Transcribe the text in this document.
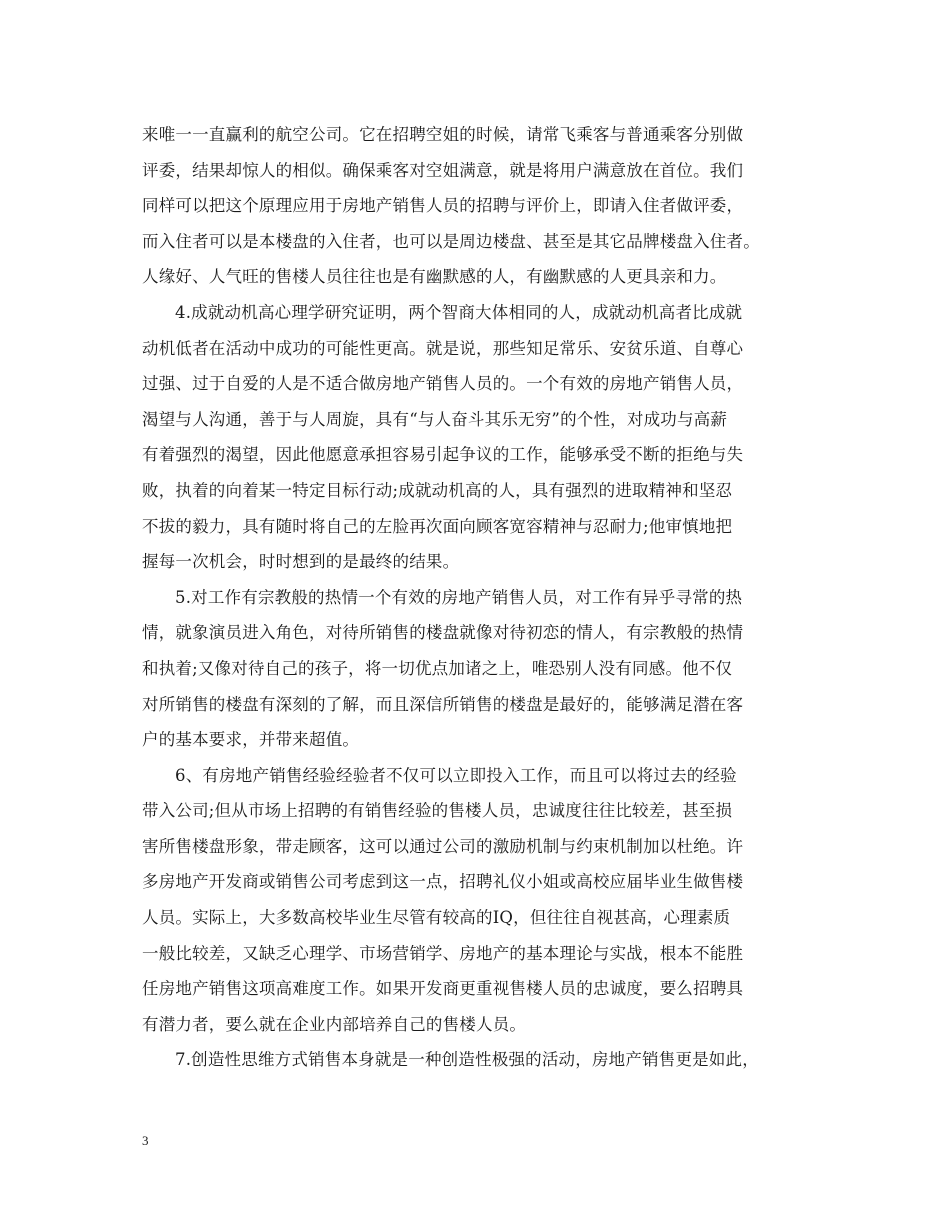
来唯一一直赢利的航空公司。它在招聘空姐的时候，请常飞乘客与普通乘客分别做
评委，结果却惊人的相似。确保乘客对空姐满意，就是将用户满意放在首位。我们
同样可以把这个原理应用于房地产销售人员的招聘与评价上，即请入住者做评委，
而入住者可以是本楼盘的入住者，也可以是周边楼盘、甚至是其它品牌楼盘入住者。
人缘好、人气旺的售楼人员往往也是有幽默感的人，有幽默感的人更具亲和力。
4.成就动机高心理学研究证明，两个智商大体相同的人，成就动机高者比成就
动机低者在活动中成功的可能性更高。就是说，那些知足常乐、安贫乐道、自尊心
过强、过于自爱的人是不适合做房地产销售人员的。一个有效的房地产销售人员，
渴望与人沟通，善于与人周旋，具有“与人奋斗其乐无穷”的个性，对成功与高薪
有着强烈的渴望，因此他愿意承担容易引起争议的工作，能够承受不断的拒绝与失
败，执着的向着某一特定目标行动;成就动机高的人，具有强烈的进取精神和坚忍
不拔的毅力，具有随时将自己的左脸再次面向顾客宽容精神与忍耐力;他审慎地把
握每一次机会，时时想到的是最终的结果。
5.对工作有宗教般的热情一个有效的房地产销售人员，对工作有异乎寻常的热
情，就象演员进入角色，对待所销售的楼盘就像对待初恋的情人，有宗教般的热情
和执着;又像对待自己的孩子，将一切优点加诸之上，唯恐别人没有同感。他不仅
对所销售的楼盘有深刻的了解，而且深信所销售的楼盘是最好的，能够满足潜在客
户的基本要求，并带来超值。
6、有房地产销售经验经验者不仅可以立即投入工作，而且可以将过去的经验
带入公司;但从市场上招聘的有销售经验的售楼人员，忠诚度往往比较差，甚至损
害所售楼盘形象，带走顾客，这可以通过公司的激励机制与约束机制加以杜绝。许
多房地产开发商或销售公司考虑到这一点，招聘礼仪小姐或高校应届毕业生做售楼
人员。实际上，大多数高校毕业生尽管有较高的IQ，但往往自视甚高，心理素质
一般比较差，又缺乏心理学、市场营销学、房地产的基本理论与实战，根本不能胜
任房地产销售这项高难度工作。如果开发商更重视售楼人员的忠诚度，要么招聘具
有潜力者，要么就在企业内部培养自己的售楼人员。
7.创造性思维方式销售本身就是一种创造性极强的活动，房地产销售更是如此，
3
